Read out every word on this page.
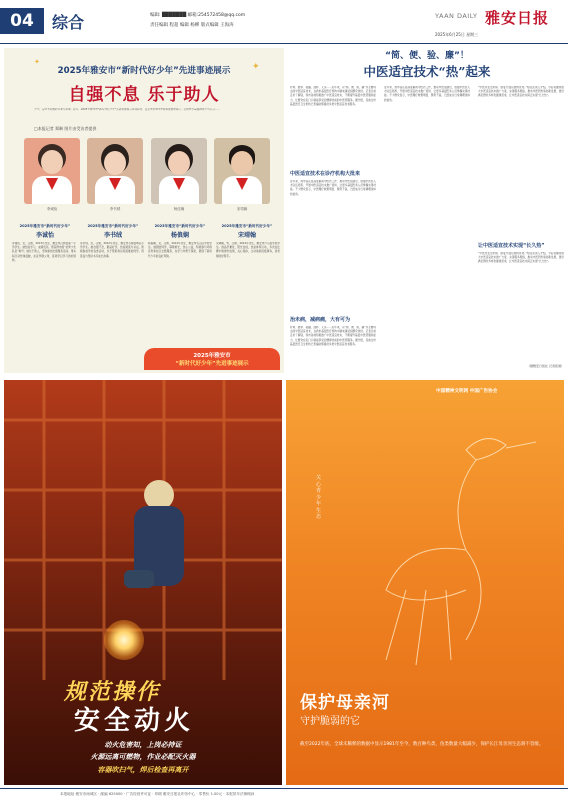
04	综合	编辑: ███████ 邮箱:254572458@qq.com
责任编辑 程超 编辑 杨柳 版式编辑 王海涛
YAAN DAILY 雅安日报
2025年6月25日 星期三
✦	✦
2025年雅安市“新时代好少年”先进事迹展示
自强不息 乐于助人
少年，是中华民族的未来与希望。近日，2025年雅安市“新时代好少年”先进事迹展示活动启动，在全市范围内开展事迹宣传展示，让榜样力量温润青少年心灵……
□本报记者 郑琳 图片由受访者提供
李诚怡	李书绒	杨佳娴	宋靖翰
2025年雅安市“新时代好少年”
李诚怡
2025年雅安市“新时代好少年”
李书绒
2025年雅安市“新时代好少年”
杨俍娴
2025年雅安市“新时代好少年”
宋靖翰
李诚怡，女，汉族，2013年出生，雅安市汉源县第一小学学生。她热爱学习，成绩优异，曾获得市级“优秀少先队员”称号；她乐于助人，坚持参加志愿服务活动，用实际行动传递温暖，在家孝敬父母，是同学们学习的好榜样。
李书绒，女，汉族，2012年出生，雅安市石棉县城区小学学生。她自强不息，勤奋好学，热爱阅读与书法，积极参加学校各类活动，乐于帮助身边有困难的同学，用善良与坚持书写成长故事。
杨俍娴，女，汉族，2014年出生，雅安市名山区学校学生。她团结同学，尊敬师长，热心公益，积极参与环保宣传和社区志愿服务，在学习中勇于探索，展现了新时代少年的良好风貌。
宋靖翰，男，汉族，2014年出生，雅安市芦山县学校学生。他品学兼优，阳光自信，热爱体育运动，多次在比赛中取得好成绩，关心集体，主动承担班级事务，是老师的好帮手。
2025年雅安市
“新时代好少年”先进事迹展示
“简、便、验、廉”！
中医适宜技术“热”起来
针刺、推拿、拔罐、刮痧、艾灸……近年来，以“简、便、验、廉”为主要特点的中医适宜技术，在我市基层医疗机构中越来越受到群众欢迎。记者日前走访了解到，我市各地积极推广中医适宜技术，不断提升基层中医药服务能力，让群众在家门口就能享受到便捷优质的中医药服务。据介绍，目前全市基层医疗卫生机构已普遍能够提供多类中医适宜技术服务。
中医适宜技术在诊疗机构大批来
近年来，我市各区县高度重视中医药工作，推动中医馆建设，加强中医药人才队伍培养，开展中医适宜技术推广培训，让更多基层医务人员掌握实用技能。不少群众表示，中医理疗效果明显、费用不高，已经成为日常调理身体的首选。
治未病，减病痛，大有可为
针刺、推拿、拔罐、刮痧、艾灸……近年来，以“简、便、验、廉”为主要特点的中医适宜技术，在我市基层医疗机构中越来越受到群众欢迎。记者日前走访了解到，我市各地积极推广中医适宜技术，不断提升基层中医药服务能力，让群众在家门口就能享受到便捷优质的中医药服务。据介绍，目前全市基层医疗卫生机构已普遍能够提供多类中医适宜技术服务。
近年来，我市各区县高度重视中医药工作，推动中医馆建设，加强中医药人才队伍培养，开展中医适宜技术推广培训，让更多基层医务人员掌握实用技能。不少群众表示，中医理疗效果明显、费用不高，已经成为日常调理身体的首选。
“中医药在治未病、康复方面有独特优势。”相关负责人介绍，今后将继续加大中医适宜技术推广力度，完善服务网络，推动中医药传承创新发展，更好满足群众多样化健康需求，让中医适宜技术真正实现“长久热”。
让中医适宜技术实现“长久热”
“中医药在治未病、康复方面有独特优势。”相关负责人介绍，今后将继续加大中医适宜技术推广力度，完善服务网络，推动中医药传承创新发展，更好满足群众多样化健康需求，让中医适宜技术真正实现“长久热”。
（据雅安日报社 记者报道）
规范操作
安全动火
动火危害知，上岗必持证
火源远离可燃物，作业必配灭火器
容器吹扫气，焊后检查再离开
中国精神文明网 中国广告协会
关心青少年生态
保护母亲河
守护脆弱的它
截至2022年底，全球未稀释的数据中显示1981年至今，数百种鸟类、鱼类数量大幅减少，保护长江母亲河生态刻不容缓。
本报地址 雅安市雨城区 · 邮编 625000 · 广告经营许可证 · 印刷 雅安日报社印务中心 · 零售价 1.00元 · 本报常年法律顾问
